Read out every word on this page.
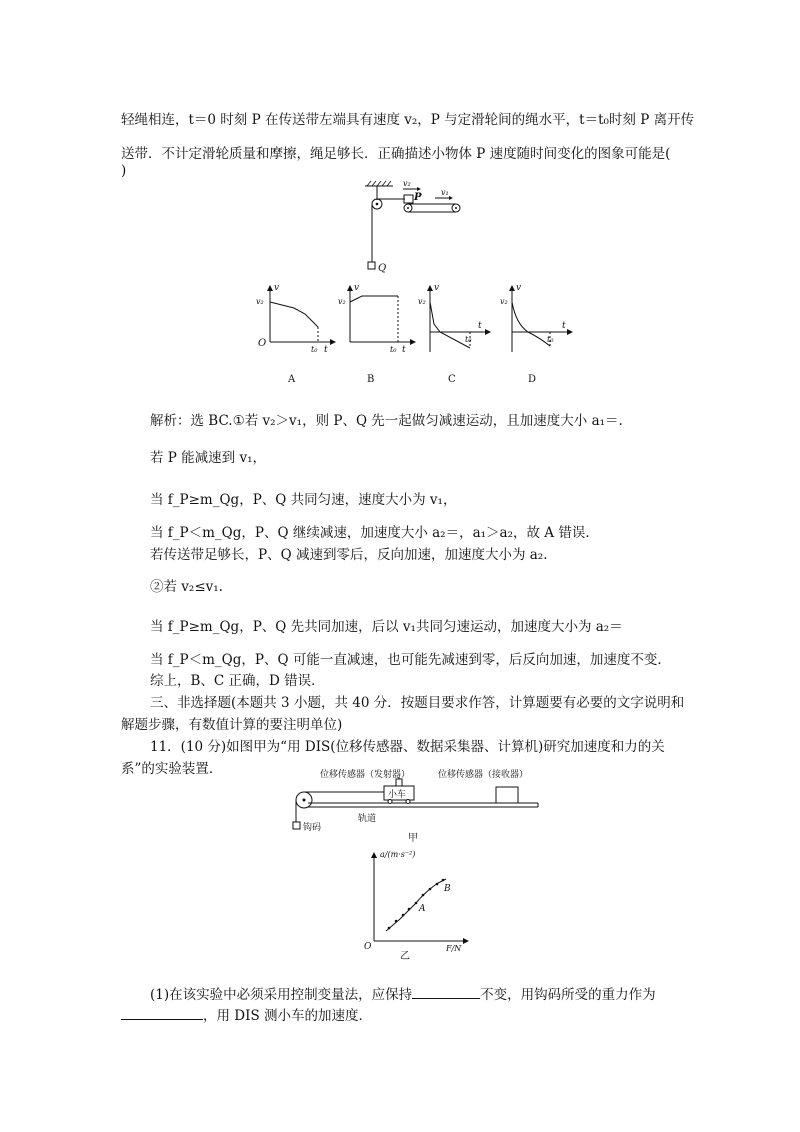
轻绳相连，t＝0 时刻 P 在传送带左端具有速度 v₂，P 与定滑轮间的绳水平，t＝t₀时刻 P 离开传
送带．不计定滑轮质量和摩擦，绳足够长．正确描述小物体 P 速度随时间变化的图象可能是(
)
Q
P
v₂
v₁
v
v₂
O
t₀ t
A
v
v₂
t₀ t
B
v
v₂
t₀
t
C
v
v₂
t₀
t
D
解析：选 BC.①若 v₂＞v₁，则 P、Q 先一起做匀减速运动，且加速度大小 a₁＝.
若 P 能减速到 v₁，
当 f_P≥m_Qg，P、Q 共同匀速，速度大小为 v₁，
当 f_P＜m_Qg，P、Q 继续减速，加速度大小 a₂＝，a₁＞a₂，故 A 错误．
若传送带足够长，P、Q 减速到零后，反向加速，加速度大小为 a₂.
②若 v₂≤v₁.
当 f_P≥m_Qg，P、Q 先共同加速，后以 v₁共同匀速运动，加速度大小为 a₂＝
当 f_P＜m_Qg，P、Q 可能一直减速，也可能先减速到零，后反向加速，加速度不变．
综上，B、C 正确，D 错误．
三、非选择题(本题共 3 小题，共 40 分．按题目要求作答，计算题要有必要的文字说明和
解题步骤，有数值计算的要注明单位)
11．(10 分)如图甲为“用 DIS(位移传感器、数据采集器、计算机)研究加速度和力的关
系”的实验装置．	位移传感器（发射器）	位移传感器（接收器）
钩码
小车
轨道
甲
a/(m·s⁻²)
F/N
O
A
B
乙
(1)在该实验中必须采用控制变量法，应保持	不变，用钩码所受的重力作为
，用 DIS 测小车的加速度．
